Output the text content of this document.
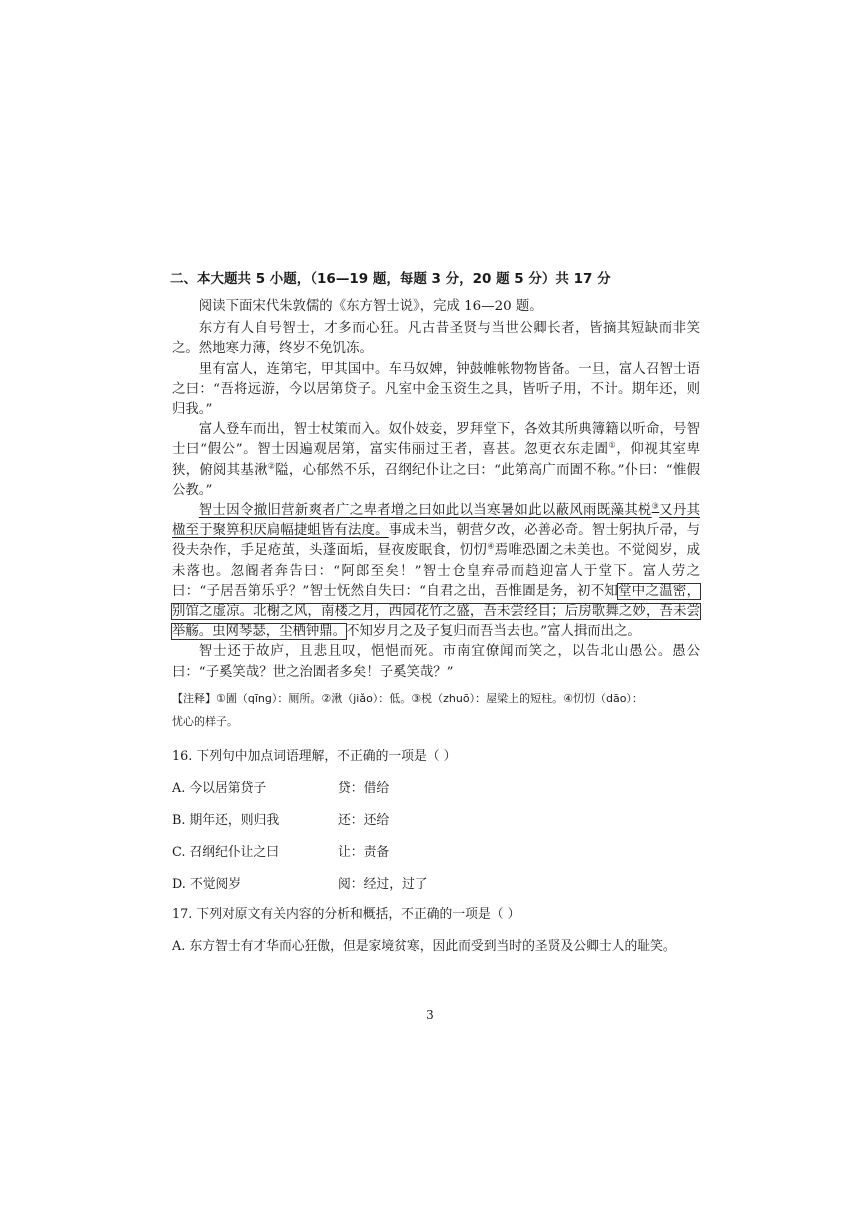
二、本大题共 5 小题，（16—19 题，每题 3 分，20 题 5 分）共 17 分

阅读下面宋代朱敦儒的《东方智士说》，完成 16—20 题。

东方有人自号智士，才多而心狂。凡古昔圣贤与当世公卿长者，皆摘其短缺而非笑之。然地寒力薄，终岁不免饥冻。

里有富人，连第宅，甲其国中。车马奴婢，钟鼓帷帐物物皆备。一旦，富人召智士语之曰：“吾将远游，今以居第贷子。凡室中金玉资生之具，皆听子用，不计。期年还，则归我。”

富人登车而出，智士杖策而入。奴仆妓妾，罗拜堂下，各效其所典簿籍以听命，号智士曰“假公”。智士因遍观居第，富实伟丽过王者，喜甚。忽更衣东走圊①，仰视其室卑狭，俯阅其基湫②隘，心郁然不乐，召纲纪仆让之曰：“此第高广而圊不称。”仆曰：“惟假公教。”

智士因令撤旧营新爽者广之卑者增之曰如此以当寒暑如此以蔽风雨既藻其棁③又丹其楹至于聚箅积厌扃幅捷蛆皆有法度。事成未当，朝营夕改，必善必奇。智士躬执斤帚，与役夫杂作，手足疮茧，头蓬面垢，昼夜废眠食，忉忉④焉唯恐圊之未美也。不觉阅岁，成未落也。忽阍者奔告曰：“阿郎至矣！”智士仓皇弃帚而趋迎富人于堂下。富人劳之曰：“子居吾第乐乎？”智士怃然自失曰：“自君之出，吾惟圊是务，初不知堂中之温密，别馆之虚凉。北榭之风，南楼之月，西园花竹之盛，吾未尝经目；后房歌舞之妙，吾未尝举觞。虫网琴瑟，尘栖钟鼎。不知岁月之及子复归而吾当去也。”富人揖而出之。

智士还于故庐，且悲且叹，悒悒而死。市南宜僚闻而笑之，以告北山愚公。愚公曰：“子奚笑哉？世之治圊者多矣！子奚笑哉？”

【注释】①圊（qīng）：厕所。②湫（jiǎo）：低。③棁（zhuō）：屋梁上的短柱。④忉忉（dāo）：
忧心的样子。
16. 下列句中加点词语理解，不正确的一项是（ ）
A. 今以居第贷子	贷：借给
B. 期年还，则归我	还：还给
C. 召纲纪仆让之曰	让：责备
D. 不觉阅岁	阅：经过，过了
17. 下列对原文有关内容的分析和概括，不正确的一项是（ ）
A. 东方智士有才华而心狂傲，但是家境贫寒，因此而受到当时的圣贤及公卿士人的耻笑。
3
